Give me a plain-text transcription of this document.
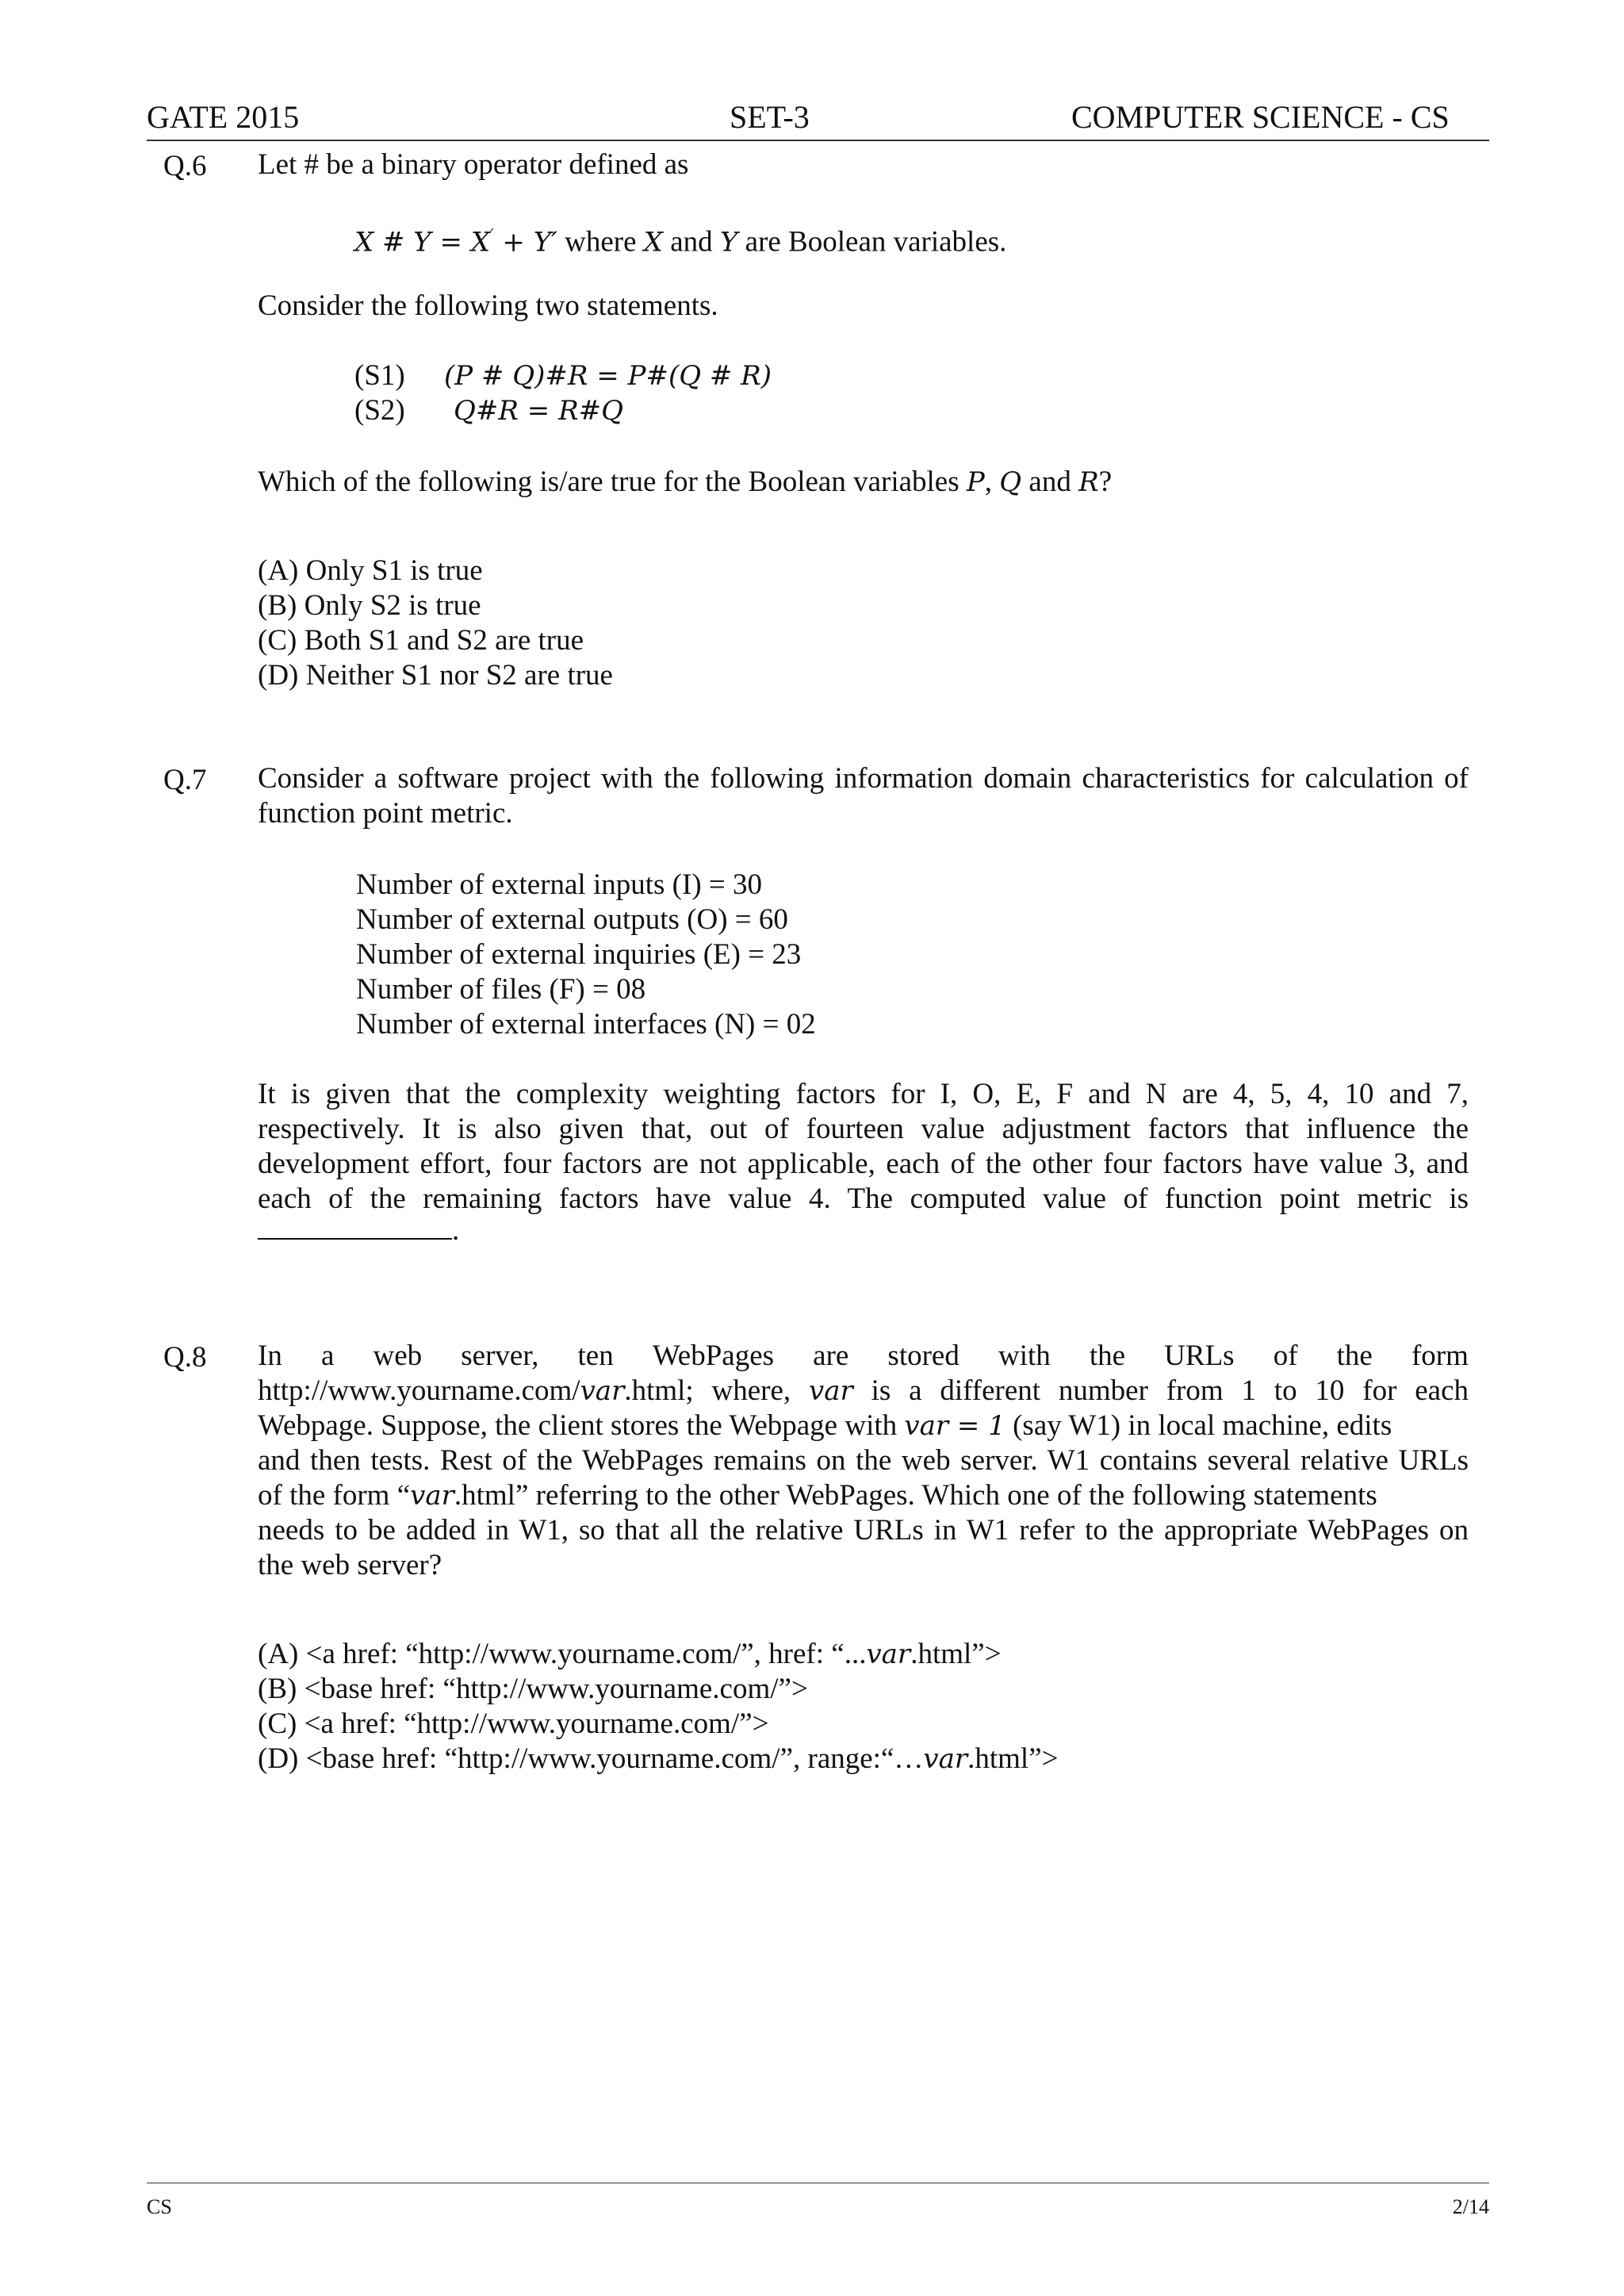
GATE 2015	SET-3	COMPUTER SCIENCE - CS
Q.6 Let # be a binary operator defined as
X # Y = X′ + Y′ where X and Y are Boolean variables.
Consider the following two statements.
(S1) (P # Q)#R = P#(Q # R)
(S2) Q#R = R#Q
Which of the following is/are true for the Boolean variables P, Q and R?
(A) Only S1 is true
(B) Only S2 is true
(C) Both S1 and S2 are true
(D) Neither S1 nor S2 are true
Q.7 Consider a software project with the following information domain characteristics for calculation of
function point metric.
Number of external inputs (I) = 30
Number of external outputs (O) = 60
Number of external inquiries (E) = 23
Number of files (F) = 08
Number of external interfaces (N) = 02
It is given that the complexity weighting factors for I, O, E, F and N are 4, 5, 4, 10 and 7,
respectively. It is also given that, out of fourteen value adjustment factors that influence the
development effort, four factors are not applicable, each of the other four factors have value 3, and
each of the remaining factors have value 4. The computed value of function point metric is
.
Q.8 In a web server, ten WebPages are stored with the URLs of the form
http://www.yourname.com/var.html;  where,  var  is  a  different  number  from  1  to  10  for  each
Webpage. Suppose, the client stores the Webpage with var = 1 (say W1) in local machine, edits
and then tests. Rest of the WebPages remains on the web server. W1 contains several relative URLs
of the form “var.html” referring to the other WebPages. Which one of the following statements
needs to be added in W1, so that all the relative URLs in W1 refer to the appropriate WebPages on
the web server?
(A) <a href: “http://www.yourname.com/”, href: “...var.html”>
(B) <base href: “http://www.yourname.com/”>
(C) <a href: “http://www.yourname.com/”>
(D) <base href: “http://www.yourname.com/”, range:“…var.html”>
CS	2/14
